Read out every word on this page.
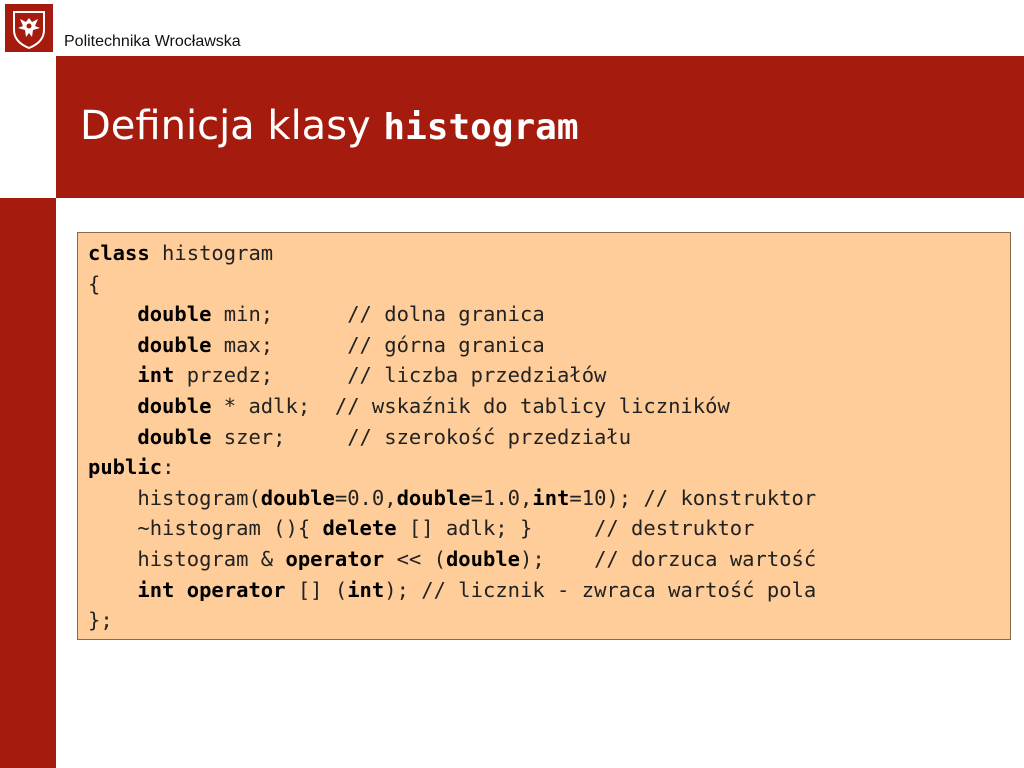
Politechnika Wrocławska
Definicja klasy histogram
class histogram
{
double min;      // dolna granica
double max;      // górna granica
int przedz;      // liczba przedziałów
double * adlk;  // wskaźnik do tablicy liczników
double szer;     // szerokość przedziału
public:
histogram(double=0.0,double=1.0,int=10); // konstruktor
~histogram (){ delete [] adlk; }     // destruktor
histogram & operator << (double);    // dorzuca wartość
int operator [] (int); // licznik - zwraca wartość pola
};
